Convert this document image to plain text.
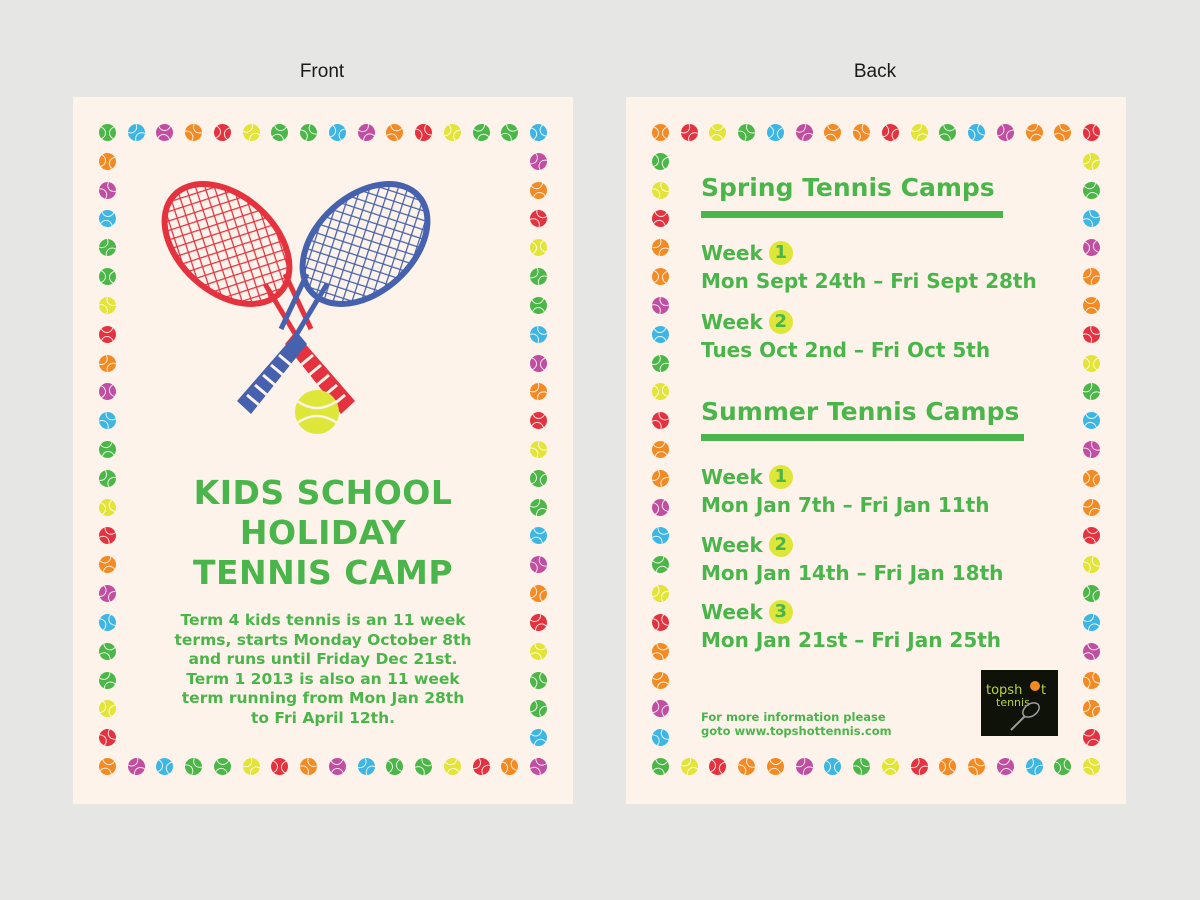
Front	Back
KIDS SCHOOL
HOLIDAY
TENNIS CAMP
Term 4 kids tennis is an 11 week
terms, starts Monday October 8th
and runs until Friday Dec 21st.
Term 1 2013 is also an 11 week
term running from Mon Jan 28th
to Fri April 12th.
Spring Tennis Camps
Week 1
Mon Sept 24th – Fri Sept 28th
Week 2
Tues Oct 2nd – Fri Oct 5th
Summer Tennis Camps
Week 1
Mon Jan 7th – Fri Jan 11th
Week 2
Mon Jan 14th – Fri Jan 18th
Week 3
Mon Jan 21st – Fri Jan 25th
For more information please
goto www.topshottennis.com
topsh t
tennis
